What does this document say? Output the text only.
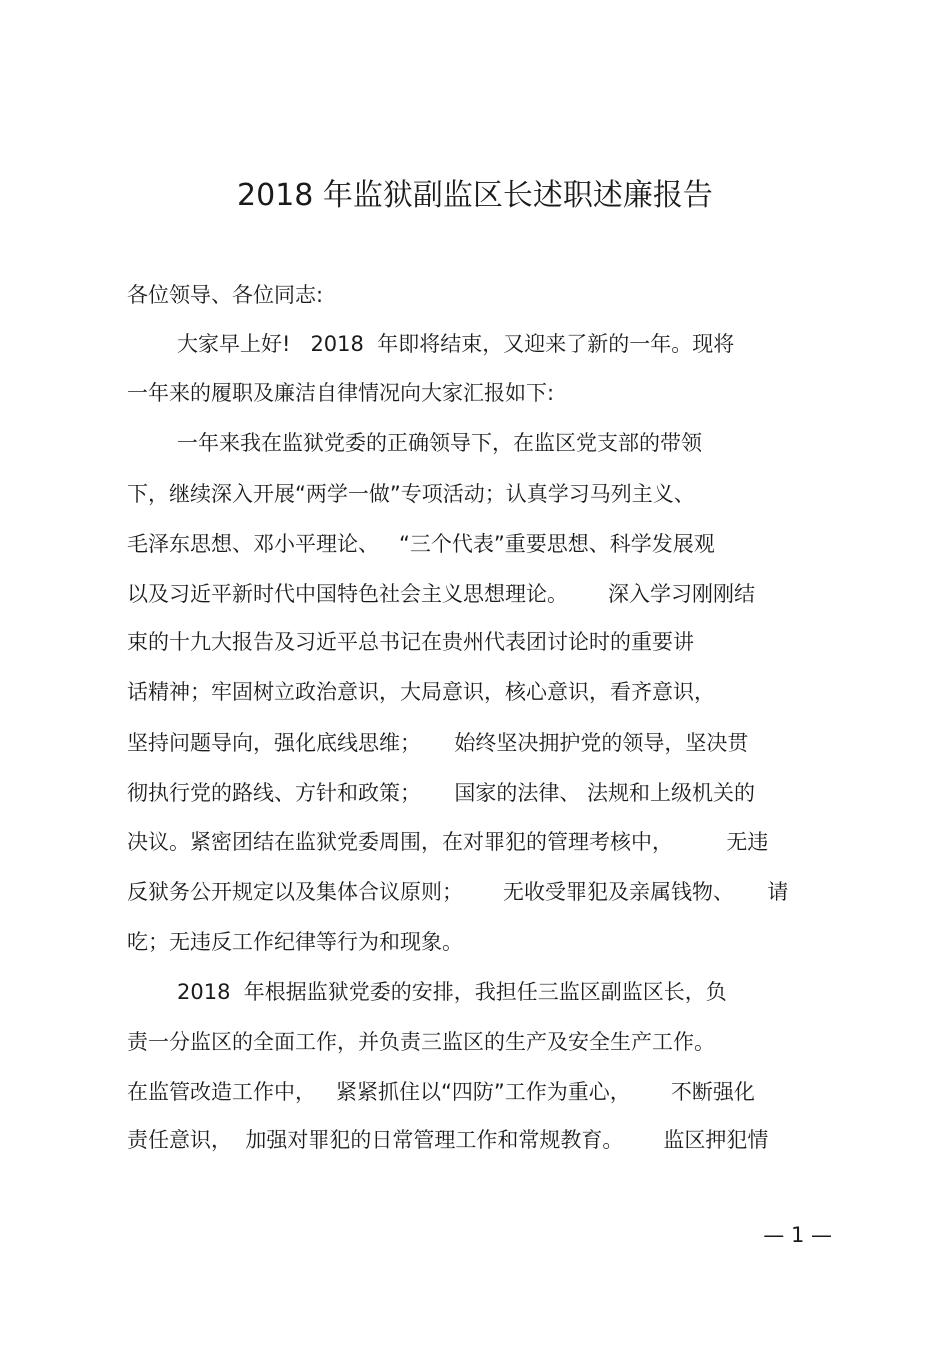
2018 年监狱副监区长述职述廉报告

各位领导、各位同志:

大家早上好!   2018  年即将结束，又迎来了新的一年。现将

一年来的履职及廉洁自律情况向大家汇报如下:

一年来我在监狱党委的正确领导下，在监区党支部的带领

下，继续深入开展“两学一做”专项活动；认真学习马列主义、

毛泽东思想、邓小平理论、   “三个代表”重要思想、科学发展观

以及习近平新时代中国特色社会主义思想理论。      深入学习刚刚结

束的十九大报告及习近平总书记在贵州代表团讨论时的重要讲

话精神；牢固树立政治意识，大局意识，核心意识，看齐意识，

坚持问题导向，强化底线思维；     始终坚决拥护党的领导，坚决贯

彻执行党的路线、方针和政策；     国家的法律、 法规和上级机关的

决议。紧密团结在监狱党委周围，在对罪犯的管理考核中，        无违

反狱务公开规定以及集体合议原则；      无收受罪犯及亲属钱物、     请

吃；无违反工作纪律等行为和现象。

2018  年根据监狱党委的安排，我担任三监区副监区长，负

责一分监区的全面工作，并负责三监区的生产及安全生产工作。

在监管改造工作中，   紧紧抓住以“四防”工作为重心，      不断强化

责任意识，  加强对罪犯的日常管理工作和常规教育。      监区押犯情

— 1 —
